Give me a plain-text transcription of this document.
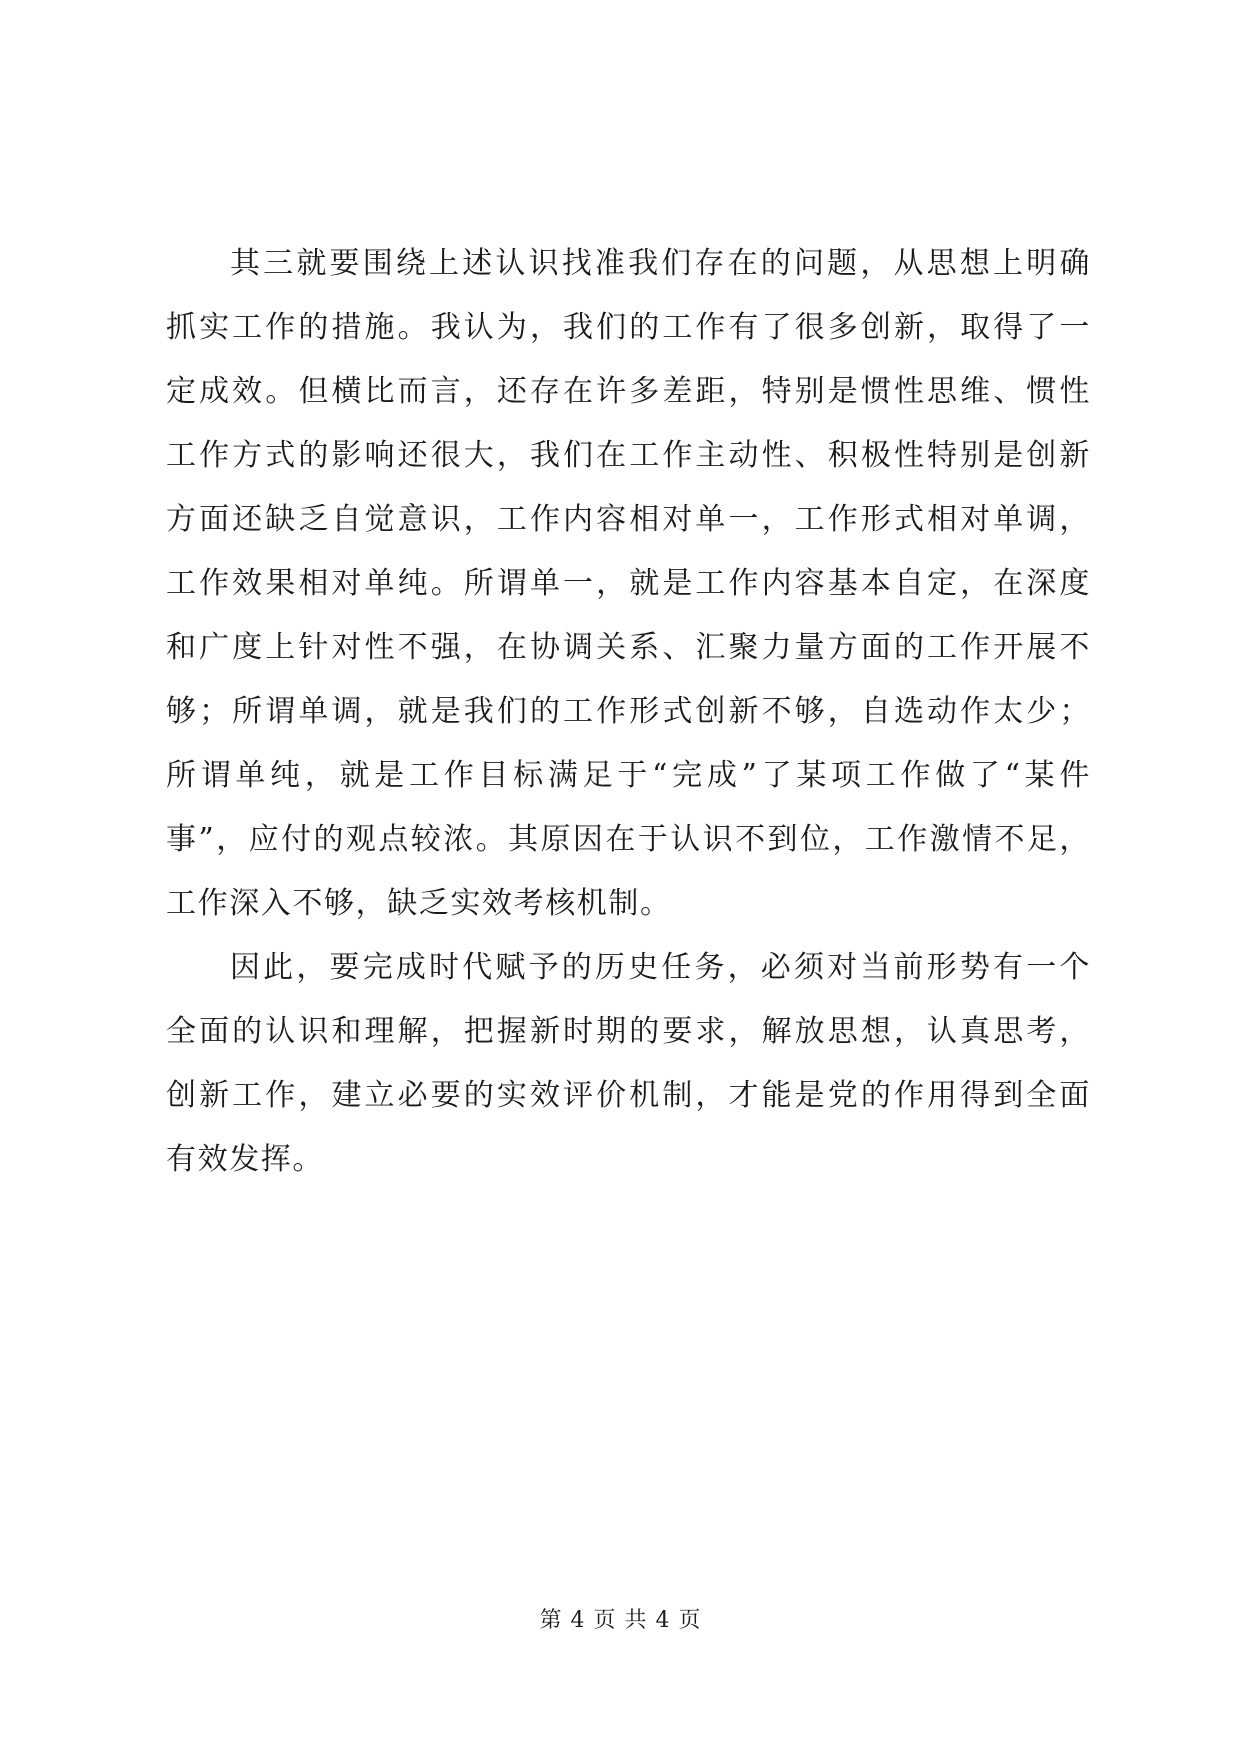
其三就要围绕上述认识找准我们存在的问题，从思想上明确
抓实工作的措施。我认为，我们的工作有了很多创新，取得了一
定成效。但横比而言，还存在许多差距，特别是惯性思维、惯性
工作方式的影响还很大，我们在工作主动性、积极性特别是创新
方面还缺乏自觉意识，工作内容相对单一，工作形式相对单调，
工作效果相对单纯。所谓单一，就是工作内容基本自定，在深度
和广度上针对性不强，在协调关系、汇聚力量方面的工作开展不
够；所谓单调，就是我们的工作形式创新不够，自选动作太少；
所谓单纯，就是工作目标满足于“完成”了某项工作做了“某件
事”，应付的观点较浓。其原因在于认识不到位，工作激情不足，
工作深入不够，缺乏实效考核机制。
因此，要完成时代赋予的历史任务，必须对当前形势有一个
全面的认识和理解，把握新时期的要求，解放思想，认真思考，
创新工作，建立必要的实效评价机制，才能是党的作用得到全面
有效发挥。
第 4 页 共 4 页
